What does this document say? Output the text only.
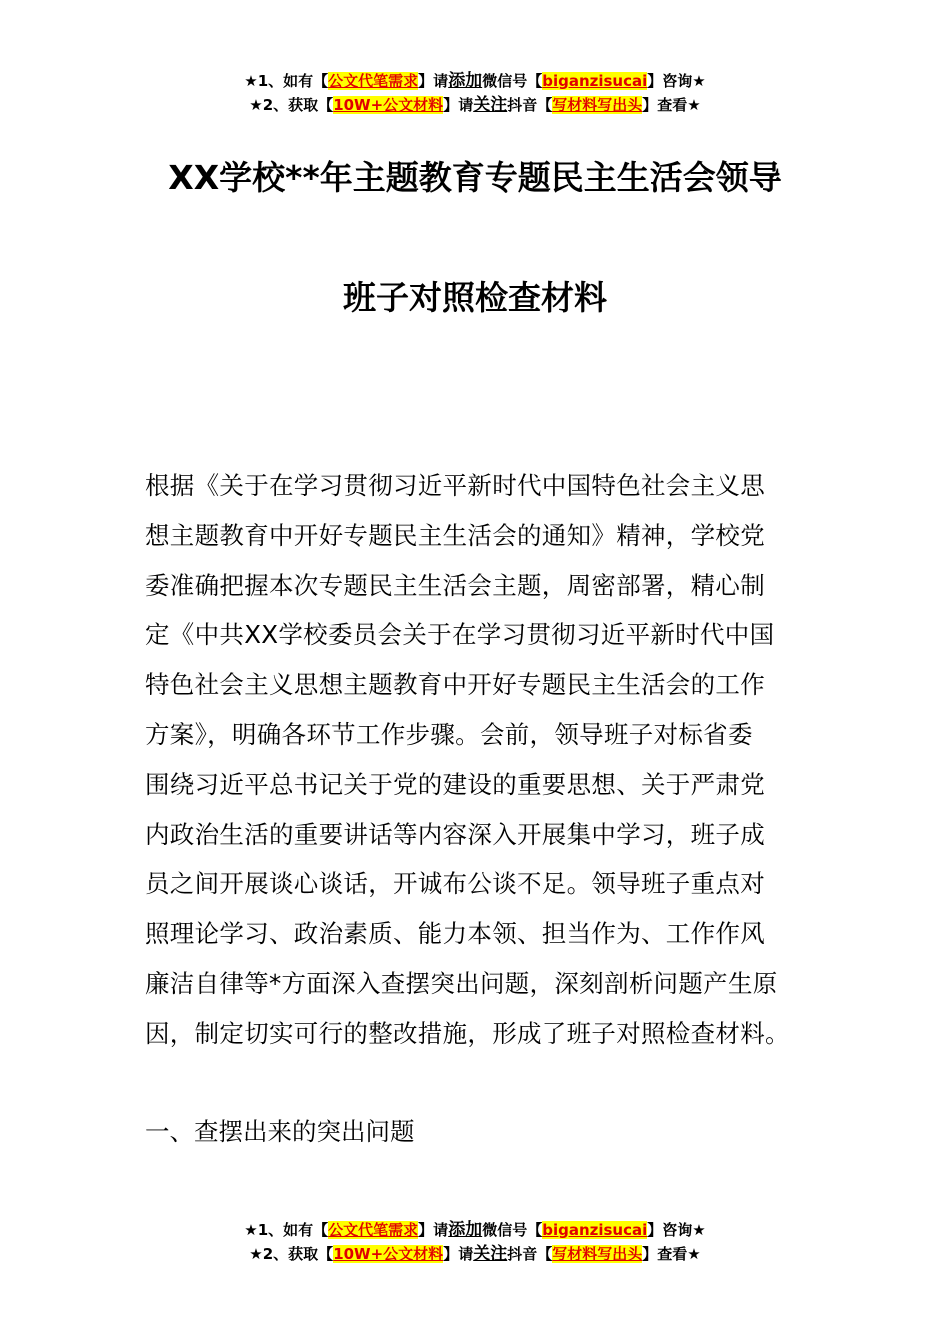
★1、如有【公文代笔需求】请添加微信号【biganzisucai】咨询★
★2、获取【10W+公文材料】请关注抖音【写材料写出头】查看★
XX学校**年主题教育专题民主生活会领导
班子对照检查材料
根据《关于在学习贯彻习近平新时代中国特色社会主义思
想主题教育中开好专题民主生活会的通知》精神，学校党
委准确把握本次专题民主生活会主题，周密部署，精心制
定《中共XX学校委员会关于在学习贯彻习近平新时代中国
特色社会主义思想主题教育中开好专题民主生活会的工作
方案》，明确各环节工作步骤。会前，领导班子对标省委
围绕习近平总书记关于党的建设的重要思想、关于严肃党
内政治生活的重要讲话等内容深入开展集中学习，班子成
员之间开展谈心谈话，开诚布公谈不足。领导班子重点对
照理论学习、政治素质、能力本领、担当作为、工作作风
廉洁自律等*方面深入查摆突出问题，深刻剖析问题产生原
因，制定切实可行的整改措施，形成了班子对照检查材料。
一、查摆出来的突出问题
★1、如有【公文代笔需求】请添加微信号【biganzisucai】咨询★
★2、获取【10W+公文材料】请关注抖音【写材料写出头】查看★
